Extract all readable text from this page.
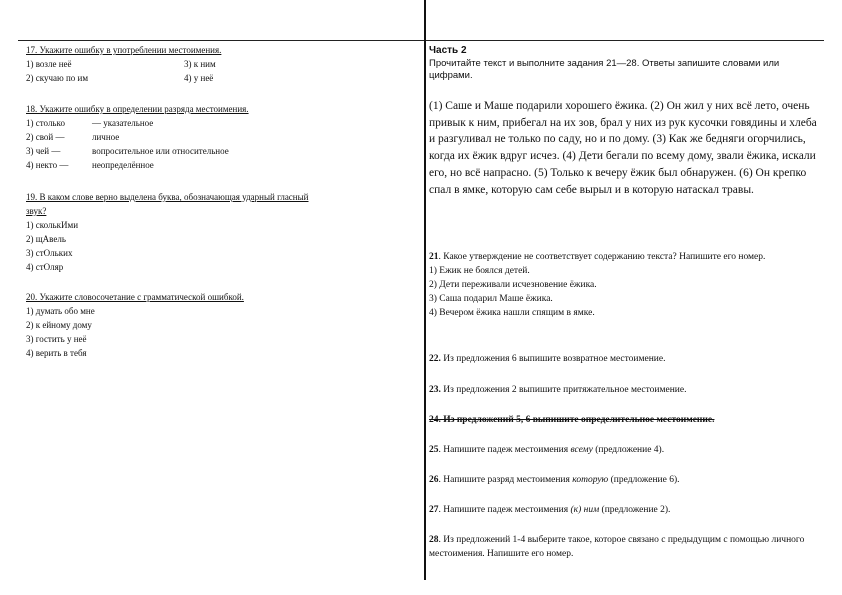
17. Укажите ошибку в употреблении местоимения.
1) возле неё	3) к ним
2) скучаю по им	4) у неё
18. Укажите ошибку в определении разряда местоимения.
1) столько	— указательное
2) свой —	личное
3) чей —	вопросительное или относительное
4) некто —	неопределённое
19. В каком слове верно выделена буква, обозначающая ударный гласный
звук?
1) сколькИми
2) щАвель
3) стОльких
4) стОляр
20. Укажите словосочетание с грамматической ошибкой.
1) думать обо мне
2) к ейному дому
3) гостить у неё
4) верить в тебя
Часть 2
Прочитайте текст и выполните задания 21—28. Ответы запишите словами или цифрами.
(1) Саше и Маше подарили хорошего ёжика. (2) Он жил у них всё лето, очень привык к ним, прибегал на их зов, брал у них из рук кусочки говядины и хлеба и разгуливал не только по саду, но и по дому. (3) Как же бедняги огорчились, когда их ёжик вдруг исчез. (4) Дети бегали по всему дому, звали ёжика, искали его, но всё напрасно. (5) Только к вечеру ёжик был обнаружен. (6) Он крепко спал в ямке, которую сам себе вырыл и в которую натаскал травы.
21. Какое утверждение не соответствует содержанию текста? Напишите его номер.
1) Ежик не боялся детей.
2) Дети переживали исчезновение ёжика.
3) Саша подарил Маше ёжика.
4) Вечером ёжика нашли спящим в ямке.
22. Из предложения 6 выпишите возвратное местоимение.
23. Из предложения 2 выпишите притяжательное местоимение.
24. Из предложений 5, 6 выпишите определительное местоимение.
25. Напишите падеж местоимения всему (предложение 4).
26. Напишите разряд местоимения которую (предложение 6).
27. Напишите падеж местоимения (к) ним (предложение 2).
28. Из предложений 1-4 выберите такое, которое связано с предыдущим с помощью личного местоимения. Напишите его номер.
